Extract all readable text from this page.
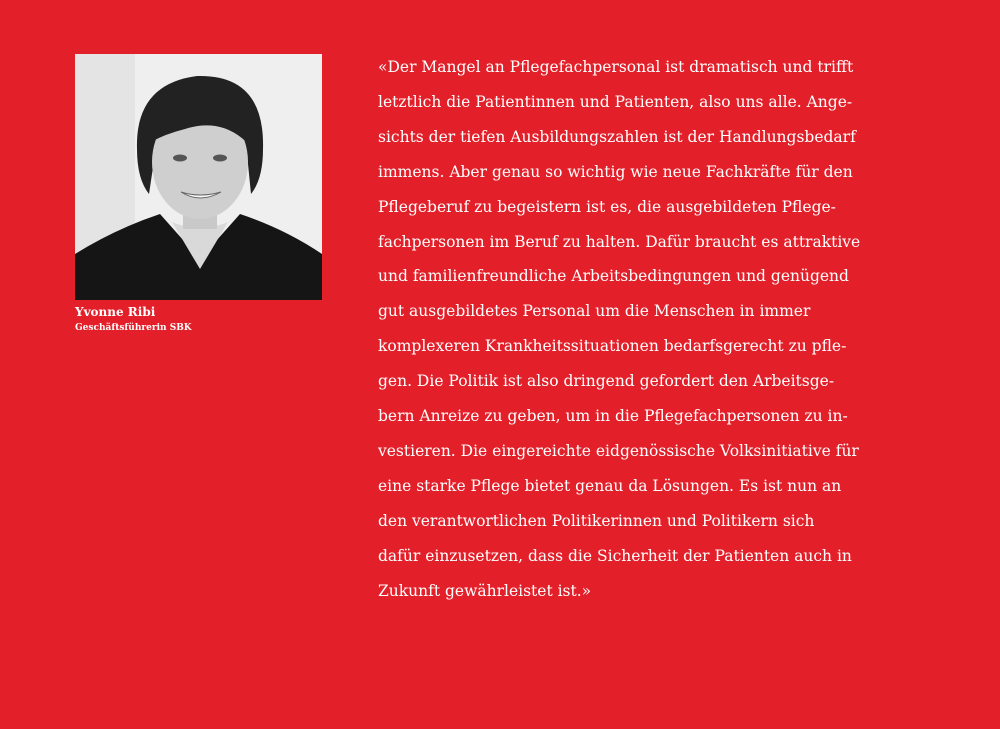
Yvonne Ribi
Geschäftsführerin SBK
«Der Mangel an Pflegefachpersonal ist dramatisch und trifft
letztlich die Patientinnen und Patienten, also uns alle. Ange-
sichts der tiefen Ausbildungszahlen ist der Handlungsbedarf
immens. Aber genau so wichtig wie neue Fachkräfte für den
Pflegeberuf zu begeistern ist es, die ausgebildeten Pflege-
fachpersonen im Beruf zu halten. Dafür braucht es attraktive
und familienfreundliche Arbeitsbedingungen und genügend
gut ausgebildetes Personal um die Menschen in immer
komplexeren Krankheitssituationen bedarfsgerecht zu pfle-
gen. Die Politik ist also dringend gefordert den Arbeitsge-
bern Anreize zu geben, um in die Pflegefachpersonen zu in-
vestieren. Die eingereichte eidgenössische Volksinitiative für
eine starke Pflege bietet genau da Lösungen. Es ist nun an
den verantwortlichen Politikerinnen und Politikern sich
dafür einzusetzen, dass die Sicherheit der Patienten auch in
Zukunft gewährleistet ist.»
